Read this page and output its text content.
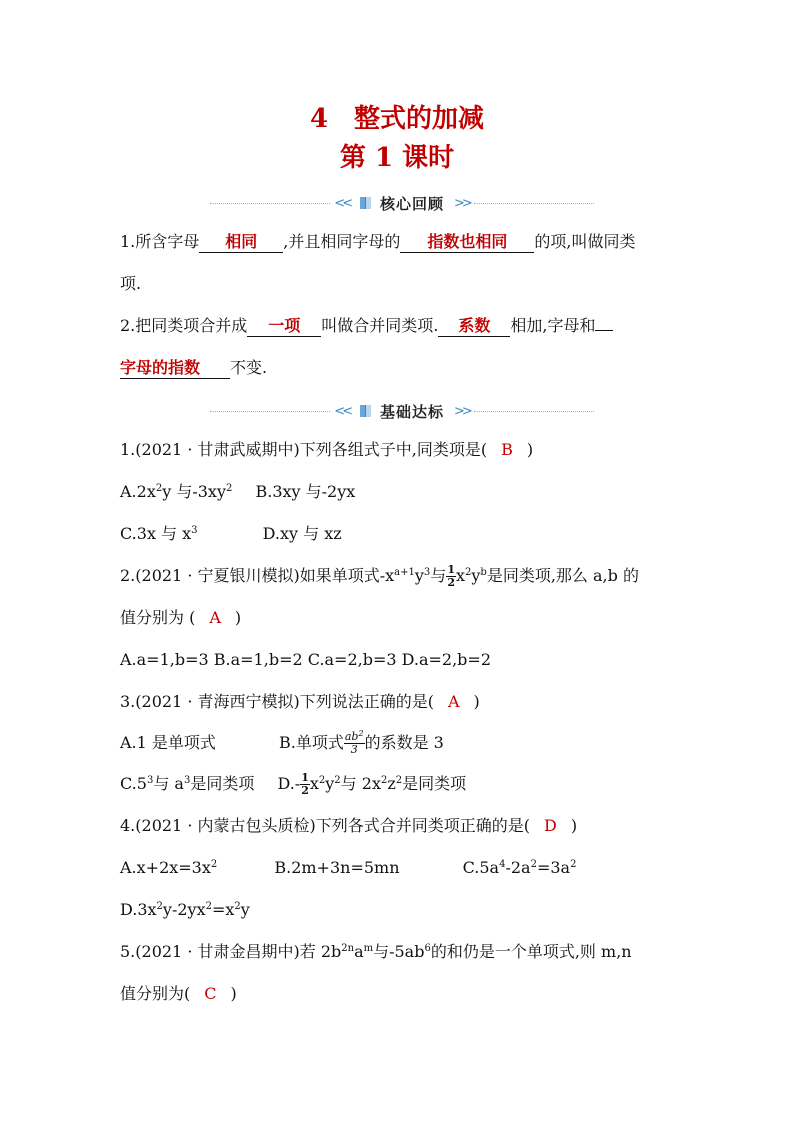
4 整式的加减
第 1 课时
<< 核心回顾 >>
1.所含字母 相同 ,并且相同字母的 指数也相同 的项,叫做同类
项.
2.把同类项合并成 一项 叫做合并同类项. 系数 相加,字母和
字母的指数 不变.
<< 基础达标 >>
1.(2021 · 甘肃武威期中)下列各组式子中,同类项是( B )
$A.2x^2y$ 与$-3xy^2$ B.3xy 与-2yx
C.3x 与 $x^3$	D.xy 与 xz
2.(2021 · 宁夏银川模拟)如果单项式$-x^{a+1}y^3$与 $\frac{1}{2} x^2y^b$是同类项,那么 a,b 的
值分别为 ( A )
A.a=1,b=3 B.a=1,b=2 C.a=2,b=3 D.a=2,b=2
3.(2021 · 青海西宁模拟)下列说法正确的是( A )
A.1 是单项式	B.单项式 $\frac{ab^2}{3}$ 的系数是 3
$C.5^3$与 $a^3$是同类项 $D.- \frac{1}{2} x^2y^2$与 $2x^2z^2$是同类项
4.(2021 · 内蒙古包头质检)下列各式合并同类项正确的是( D )
$A.x+2x=3x^2$	B.2m+3n=5mn	$C.5a^4-2a^2=3a^2$
$D.3x^2y-2yx^2=x^2y$
5.(2021 · 甘肃金昌期中)若 $2b^{2n}a^m$与$-5ab^6$的和仍是一个单项式,则 m,n
值分别为( C )
